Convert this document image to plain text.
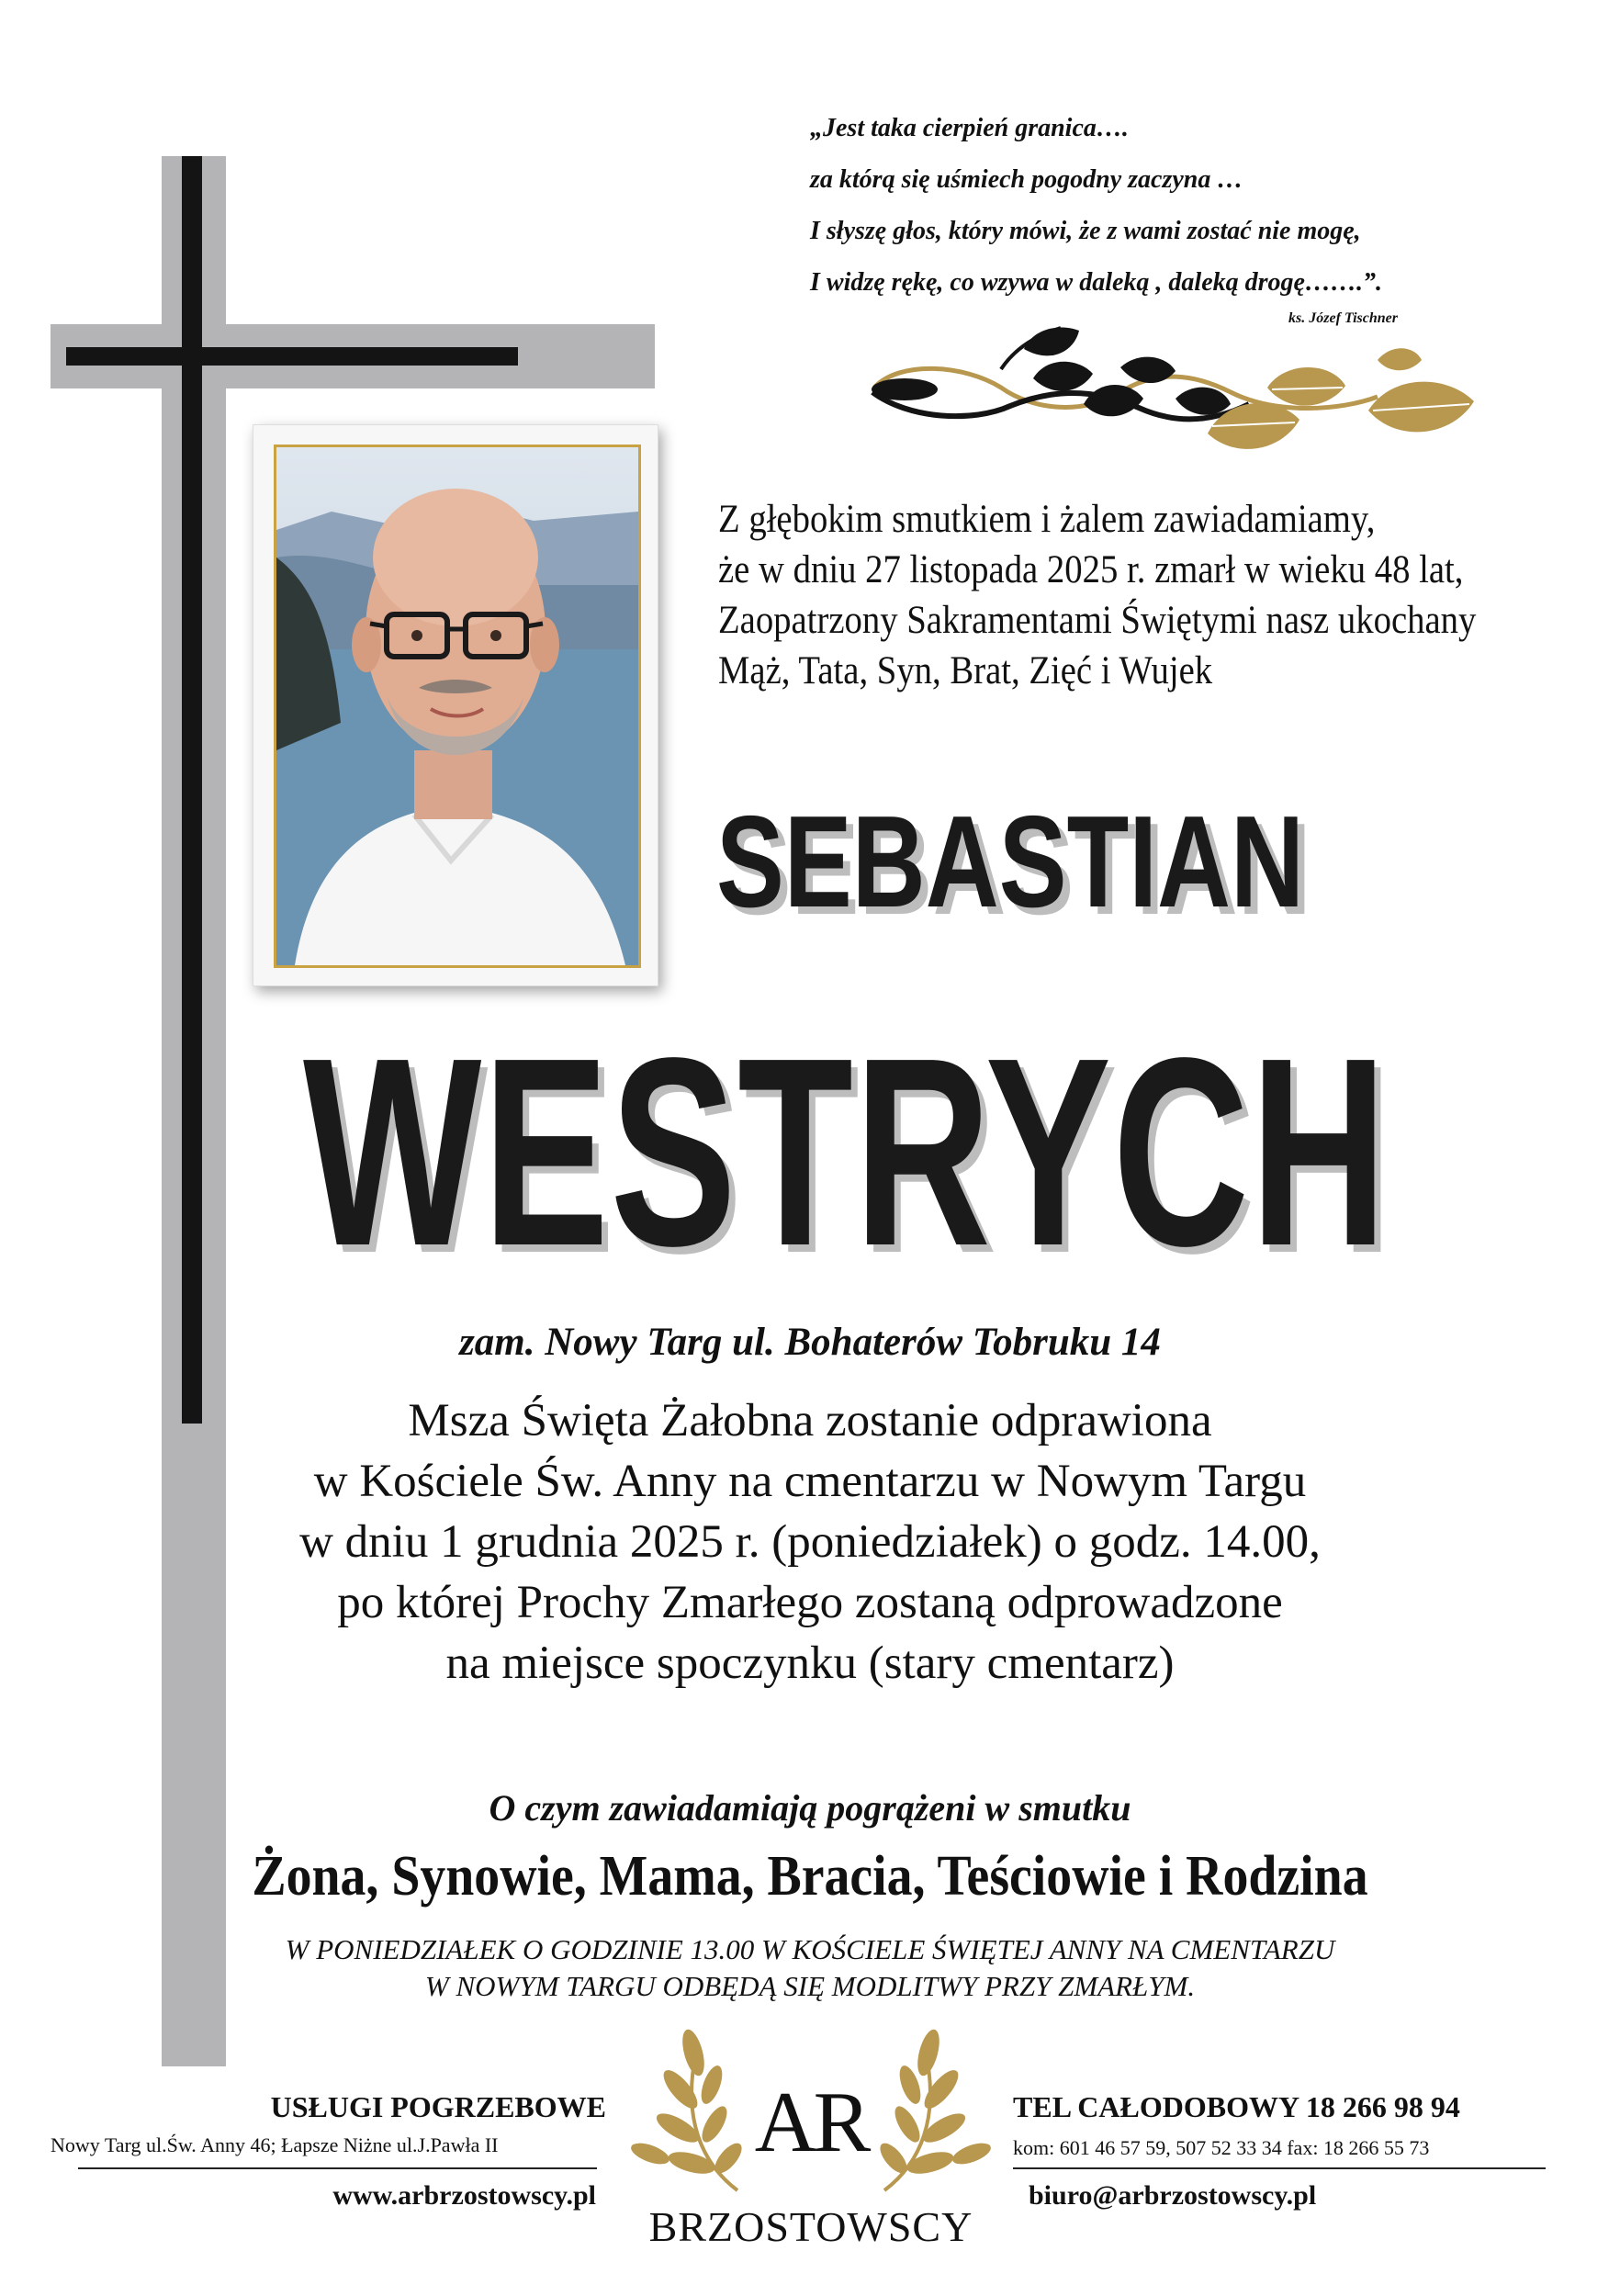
„Jest taka cierpień granica….
za którą się uśmiech pogodny zaczyna …
I słyszę głos, który mówi, że z wami zostać nie mogę,
I widzę rękę, co wzywa w daleką , daleką drogę…….”.
ks. Józef Tischner
Z głębokim smutkiem i żalem zawiadamiamy,
że w dniu 27 listopada 2025 r. zmarł w wieku 48 lat,
Zaopatrzony Sakramentami Świętymi nasz ukochany
Mąż, Tata, Syn, Brat, Zięć i Wujek
SEBASTIAN
WESTRYCH
zam. Nowy Targ ul. Bohaterów Tobruku 14
Msza Święta Żałobna zostanie odprawiona
w Kościele Św. Anny na cmentarzu w Nowym Targu
w dniu 1 grudnia 2025 r. (poniedziałek) o godz. 14.00,
po której Prochy Zmarłego zostaną odprowadzone
na miejsce spoczynku (stary cmentarz)
O czym zawiadamiają pogrążeni w smutku
Żona, Synowie, Mama, Bracia, Teściowie i Rodzina
W PONIEDZIAŁEK O GODZINIE 13.00 W KOŚCIELE ŚWIĘTEJ ANNY NA CMENTARZU
W NOWYM TARGU ODBĘDĄ SIĘ MODLITWY PRZY ZMARŁYM.
USŁUGI POGRZEBOWE
Nowy Targ ul.Św. Anny 46; Łapsze Niżne ul.J.Pawła II
www.arbrzostowscy.pl
AR
BRZOSTOWSCY
TEL CAŁODOBOWY 18 266 98 94
kom: 601 46 57 59, 507 52 33 34 fax: 18 266 55 73
biuro@arbrzostowscy.pl
